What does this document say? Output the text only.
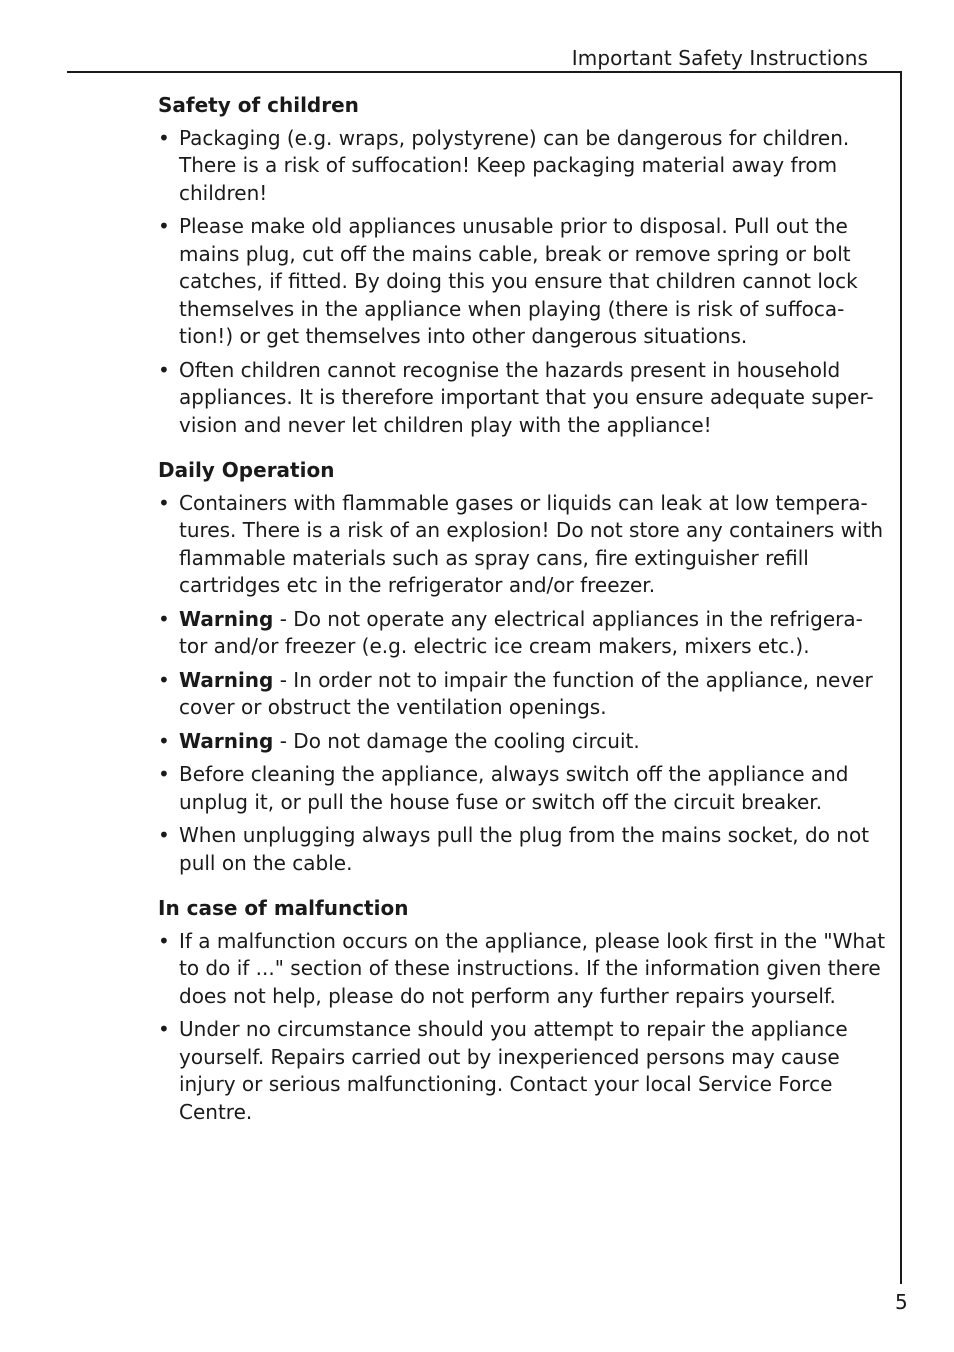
Important Safety Instructions
Safety of children
• Packaging (e.g. wraps, polystyrene) can be dangerous for children. There is a risk of suffocation! Keep packaging material away from children!
• Please make old appliances unusable prior to disposal. Pull out the mains plug, cut off the mains cable, break or remove spring or bolt catches, if fitted. By doing this you ensure that children cannot lock themselves in the appliance when playing (there is risk of suffoca-tion!) or get themselves into other dangerous situations.
• Often children cannot recognise the hazards present in household appliances. It is therefore important that you ensure adequate super-vision and never let children play with the appliance!
Daily Operation
• Containers with flammable gases or liquids can leak at low tempera-tures. There is a risk of an explosion! Do not store any containers with flammable materials such as spray cans, fire extinguisher refill cartridges etc in the refrigerator and/or freezer.
• Warning - Do not operate any electrical appliances in the refrigera-tor and/or freezer (e.g. electric ice cream makers, mixers etc.).
• Warning - In order not to impair the function of the appliance, never cover or obstruct the ventilation openings.
• Warning - Do not damage the cooling circuit.
• Before cleaning the appliance, always switch off the appliance and unplug it, or pull the house fuse or switch off the circuit breaker.
• When unplugging always pull the plug from the mains socket, do not pull on the cable.
In case of malfunction
• If a malfunction occurs on the appliance, please look first in the "What to do if ..." section of these instructions. If the information given there does not help, please do not perform any further repairs yourself.
• Under no circumstance should you attempt to repair the appliance yourself. Repairs carried out by inexperienced persons may cause injury or serious malfunctioning. Contact your local Service Force Centre.
5
